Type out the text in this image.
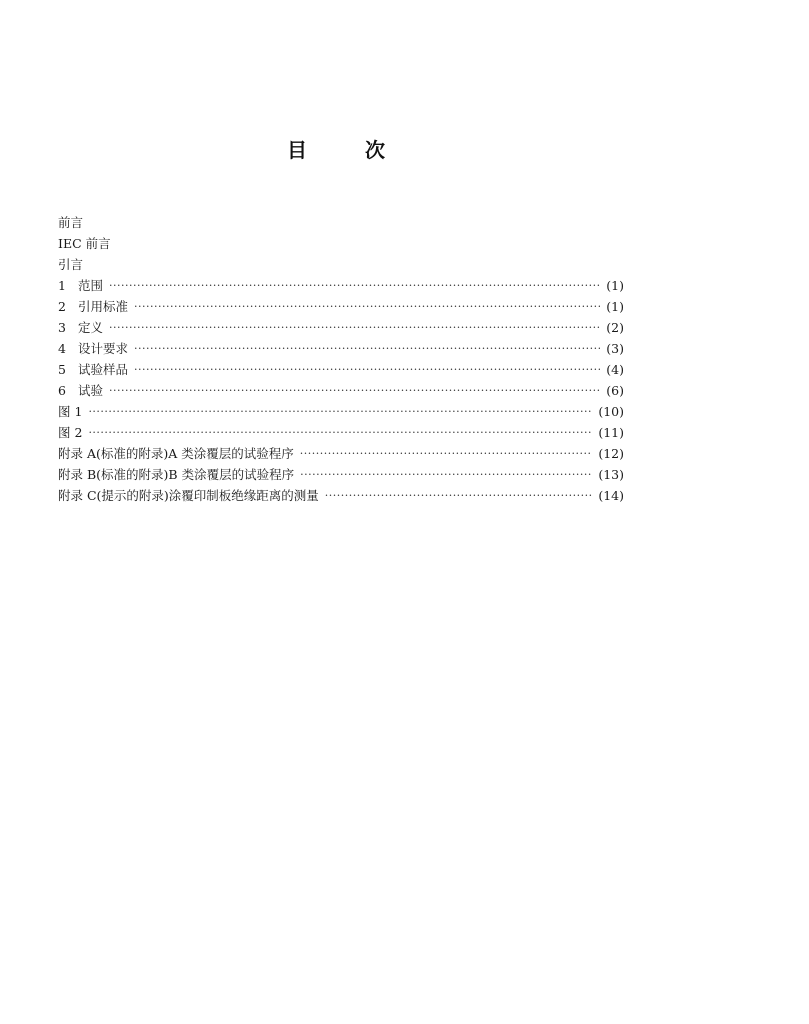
目	次
前言
IEC 前言
引言
1 范围 ·····	(1)
2 引用标准 ·····	(1)
3 定义 ·····	(2)
4 设计要求 ·····	(3)
5 试验样品 ·····	(4)
6 试验 ·····	(6)
图 1 ·····	(10)
图 2 ·····	(11)
附录 A(标准的附录)A 类涂覆层的试验程序 ·····	(12)
附录 B(标准的附录)B 类涂覆层的试验程序 ·····	(13)
附录 C(提示的附录)涂覆印制板绝缘距离的测量 ·····	(14)
